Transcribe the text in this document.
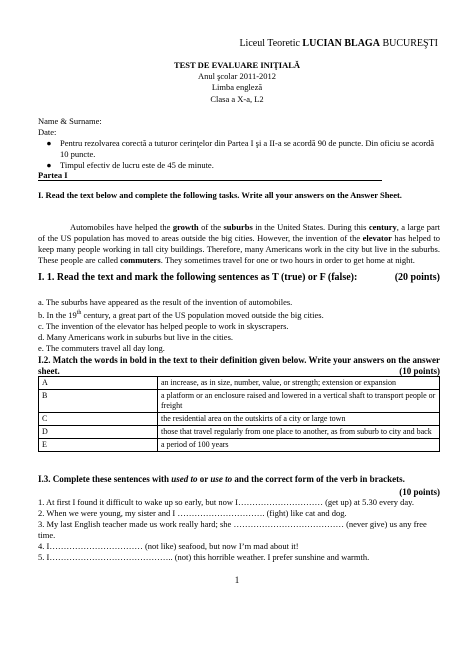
Liceul Teoretic LUCIAN BLAGA BUCUREŞTI
TEST DE EVALUARE INIŢIALĂ
Anul şcolar 2011-2012
Limba engleză
Clasa a X-a, L2
Name & Surname:
Date:
● Pentru rezolvarea corectă a tuturor cerinţelor din Partea I şi a II-a se acordă 90 de puncte. Din oficiu se acordă 10 puncte.
● Timpul efectiv de lucru este de 45 de minute.
Partea I
I. Read the text below and complete the following tasks. Write all your answers on the Answer Sheet.
Automobiles have helped the growth of the suburbs in the United States. During this century, a large part of the US population has moved to areas outside the big cities. However, the invention of the elevator has helped to keep many people working in tall city buildings. Therefore, many Americans work in the city but live in the suburbs. These people are called commuters. They sometimes travel for one or two hours in order to get home at night.
I. 1. Read the text and mark the following sentences as T (true) or F (false):	(20 points)
a. The suburbs have appeared as the result of the invention of automobiles.
b. In the 19th century, a great part of the US population moved outside the big cities.
c. The invention of the elevator has helped people to work in skyscrapers.
d. Many Americans work in suburbs but live in the cities.
e. The commuters travel all day long.
I.2. Match the words in bold in the text to their definition given below. Write your answers on the answer sheet.	(10 points)
A	an increase, as in size, number, value, or strength; extension or expansion
B	a platform or an enclosure raised and lowered in a vertical shaft to transport people or freight
C	the residential area on the outskirts of a city or large town
D	those that travel regularly from one place to another, as from suburb to city and back
E	a period of 100 years
I.3. Complete these sentences with used to or use to and the correct form of the verb in brackets.
(10 points)
1. At first I found it difficult to wake up so early, but now I………………………… (get up) at 5.30 every day.
2. When we were young, my sister and I …………………………. (fight) like cat and dog.
3. My last English teacher made us work really hard; she ………………………………… (never give) us any free time.
4. I…………………………… (not like) seafood, but now I’m mad about it!
5. I…………………………………….. (not) this horrible weather. I prefer sunshine and warmth.
1
